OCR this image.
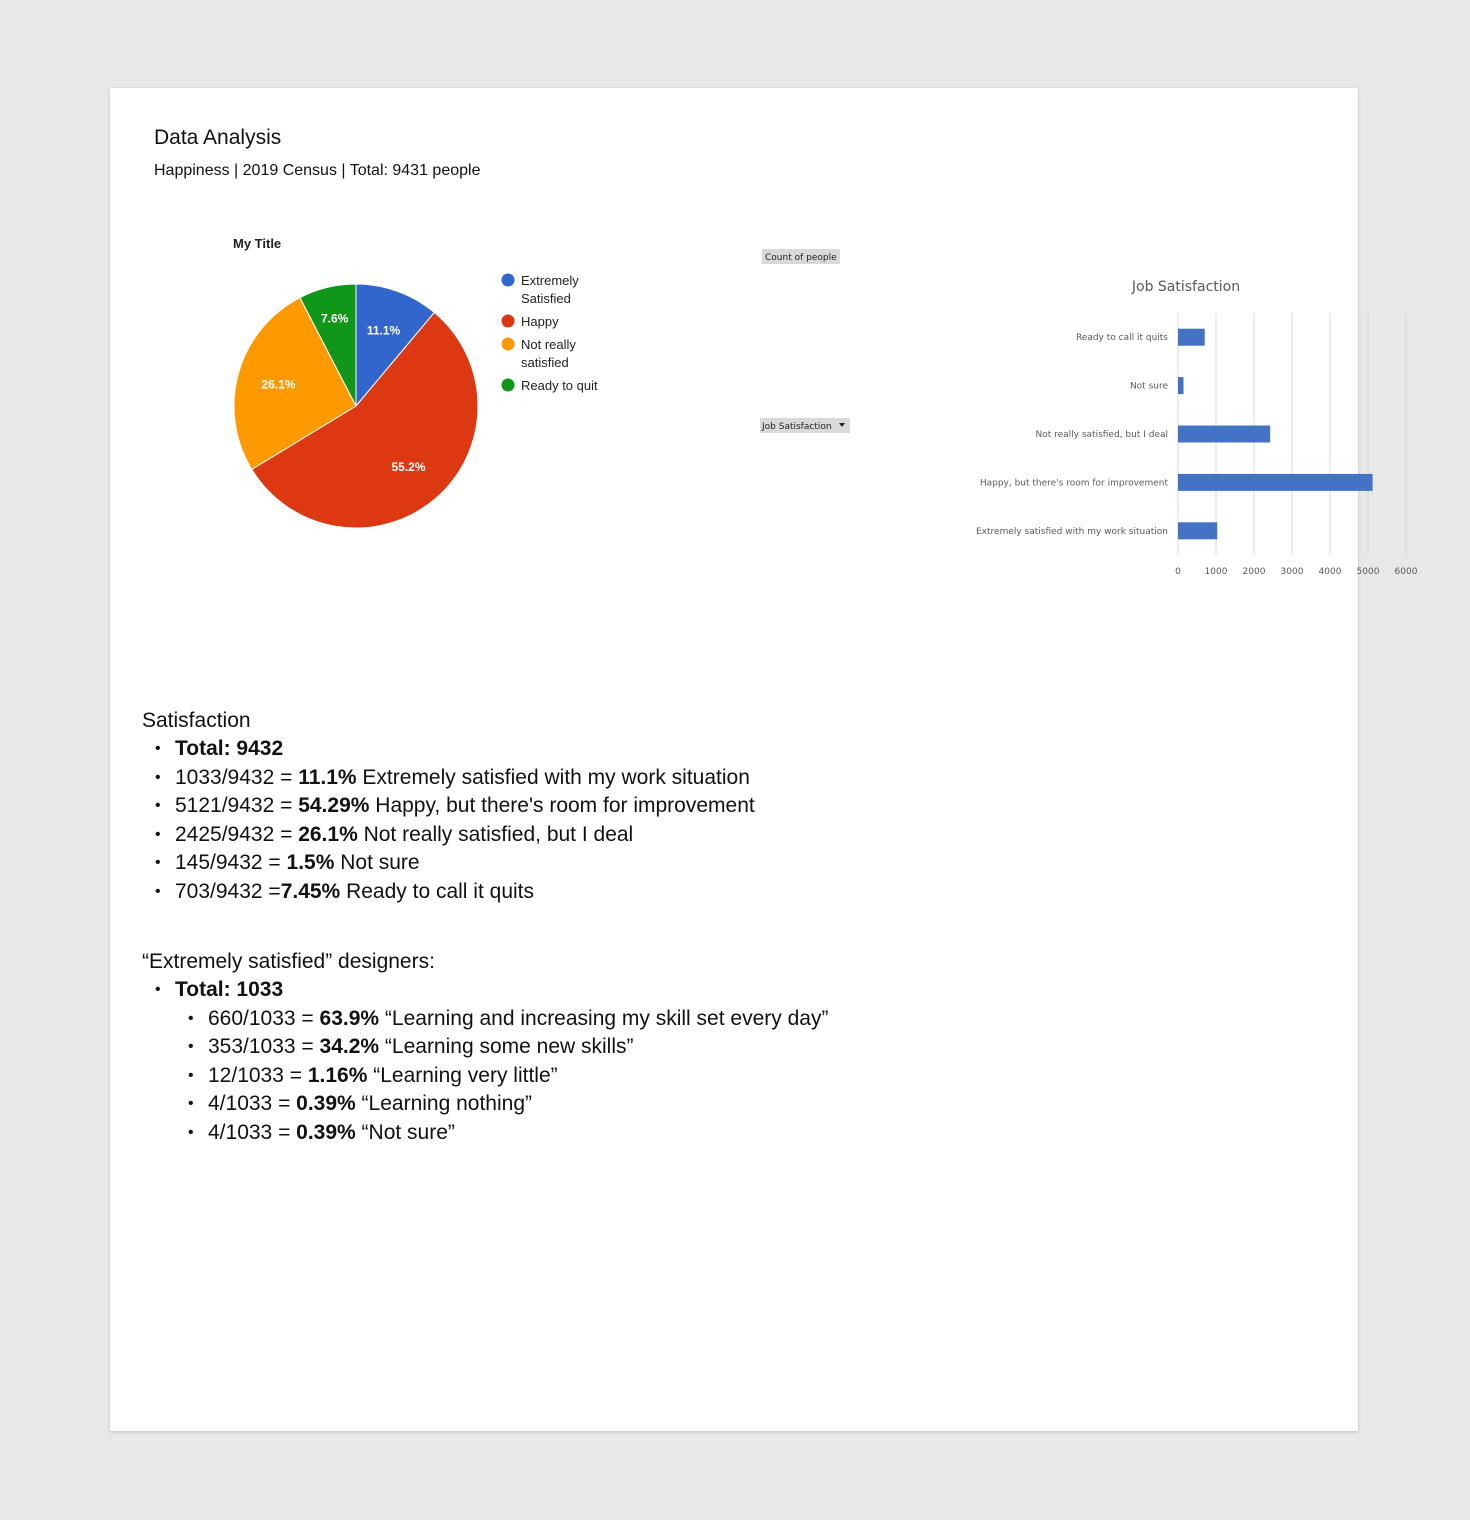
Data Analysis
Happiness | 2019 Census | Total: 9431 people
My Title
11.1%
55.2%
26.1%
7.6%
Extremely Satisfied
Happy
Not really satisfied
Ready to quit
Count of people
Job Satisfaction
Job Satisfaction
0	1000 2000 3000 4000 5000 6000
Ready to call it quits
Not sure
Not really satisfied, but I deal
Happy, but there's room for improvement
Extremely satisfied with my work situation
Satisfaction
• Total: 9432
• 1033/9432 = 11.1% Extremely satisfied with my work situation
• 5121/9432 = 54.29% Happy, but there's room for improvement
• 2425/9432 = 26.1% Not really satisfied, but I deal
• 145/9432 = 1.5% Not sure
• 703/9432 =7.45% Ready to call it quits
“Extremely satisfied” designers:
• Total: 1033
• 660/1033 = 63.9% “Learning and increasing my skill set every day”
• 353/1033 = 34.2% “Learning some new skills”
• 12/1033 = 1.16% “Learning very little”
• 4/1033 = 0.39% “Learning nothing”
• 4/1033 = 0.39% “Not sure”
